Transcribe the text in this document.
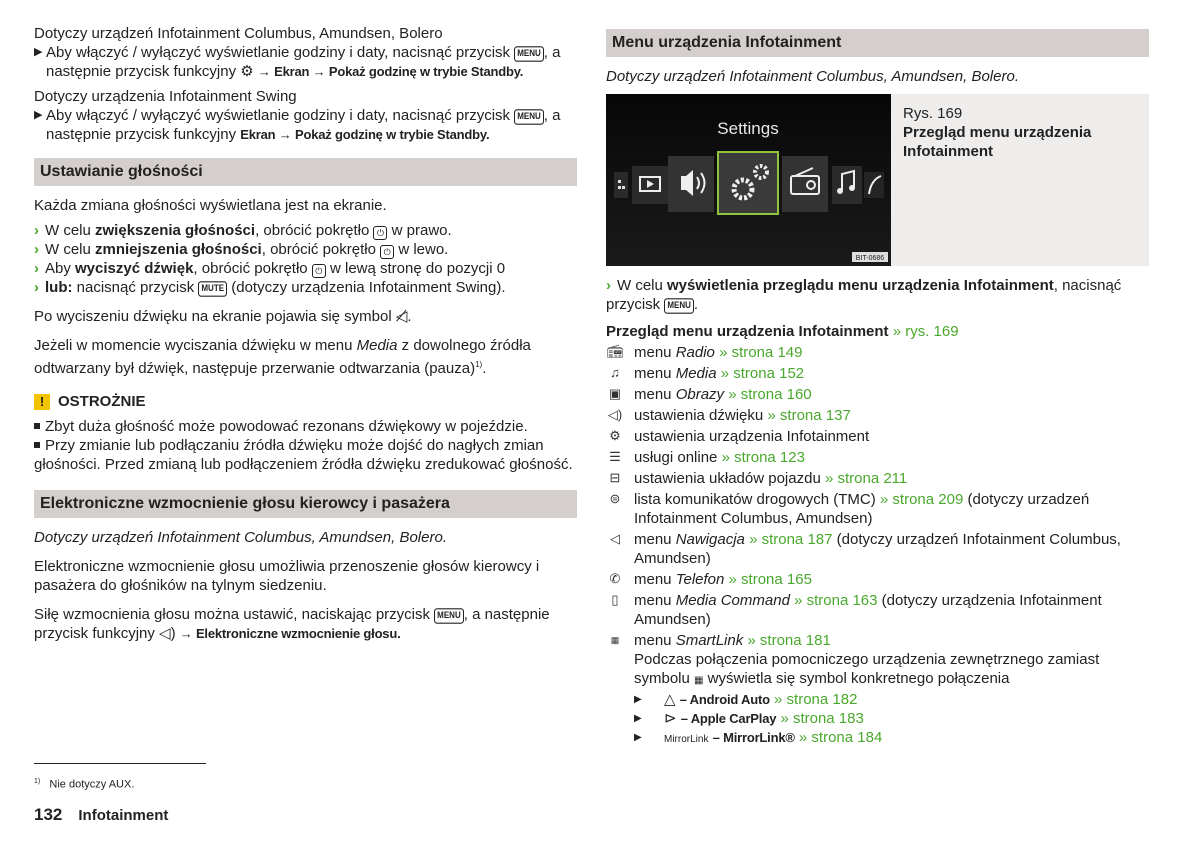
Dotyczy urządzeń Infotainment Columbus, Amundsen, Bolero

▶ Aby włączyć / wyłączyć wyświetlanie godziny i daty, nacisnąć przycisk MENU , a następnie przycisk funkcyjny ⚙ → Ekran → Pokaż godzinę w trybie Standby.

Dotyczy urządzenia Infotainment Swing

▶ Aby włączyć / wyłączyć wyświetlanie godziny i daty, nacisnąć przycisk MENU , a następnie przycisk funkcyjny Ekran → Pokaż godzinę w trybie Standby.

Ustawianie głośności

Każda zmiana głośności wyświetlana jest na ekranie.

› W celu zwiększenia głośności, obrócić pokrętło ⏻ w prawo.

› W celu zmniejszenia głośności, obrócić pokrętło ⏻ w lewo.

› Aby wyciszyć dźwięk, obrócić pokrętło ⏻ w lewą stronę do pozycji 0

› lub: nacisnąć przycisk MUTE (dotyczy urządzenia Infotainment Swing).

Po wyciszeniu dźwięku na ekranie pojawia się symbol ◁̸.

Jeżeli w momencie wyciszania dźwięku w menu Media z dowolnego źródła odtwarzany był dźwięk, następuje przerwanie odtwarzania (pauza)$^{1)}$.

! OSTROŻNIE

Zbyt duża głośność może powodować rezonans dźwiękowy w pojeździe.

Przy zmianie lub podłączaniu źródła dźwięku może dojść do nagłych zmian głośności. Przed zmianą lub podłączeniem źródła dźwięku zredukować głośność.

Elektroniczne wzmocnienie głosu kierowcy i pasażera

Dotyczy urządzeń Infotainment Columbus, Amundsen, Bolero.

Elektroniczne wzmocnienie głosu umożliwia przenoszenie głosów kierowcy i pasażera do głośników na tylnym siedzeniu.

Siłę wzmocnienia głosu można ustawić, naciskając przycisk MENU , a następnie przycisk funkcyjny ◁) → Elektroniczne wzmocnienie głosu.

Menu urządzenia Infotainment

Dotyczy urządzeń Infotainment Columbus, Amundsen, Bolero.

Settings
BIT-0686
Rys. 169
Przegląd menu urządzenia Infotainment

› W celu wyświetlenia przeglądu menu urządzenia Infotainment, nacisnąć przycisk MENU .

Przegląd menu urządzenia Infotainment » rys. 169

📻︎ menu Radio » strona 149
♫ menu Media » strona 152
▣ menu Obrazy » strona 160
◁) ustawienia dźwięku » strona 137
⚙ ustawienia urządzenia Infotainment
☰ usługi online » strona 123
⊟ ustawienia układów pojazdu » strona 211
⊜ lista komunikatów drogowych (TMC) » strona 209 (dotyczy urzadzeń Infotainment Columbus, Amundsen)
◁ menu Nawigacja » strona 187 (dotyczy urządzeń Infotainment Columbus, Amundsen)
✆ menu Telefon » strona 165
▯	menu Media Command » strona 163 (dotyczy urządzenia Infotainment Amundsen)
▦ menu SmartLink » strona 181
Podczas połączenia pomocniczego urządzenia zewnętrznego zamiast symbolu ▦ wyświetla się symbol konkretnego połączenia
▶ △ – Android Auto » strona 182
▶ ⊳ – Apple CarPlay » strona 183
▶ MirrorLink – MirrorLink® » strona 184
$^{1)}$ Nie dotyczy AUX.
132 Infotainment
